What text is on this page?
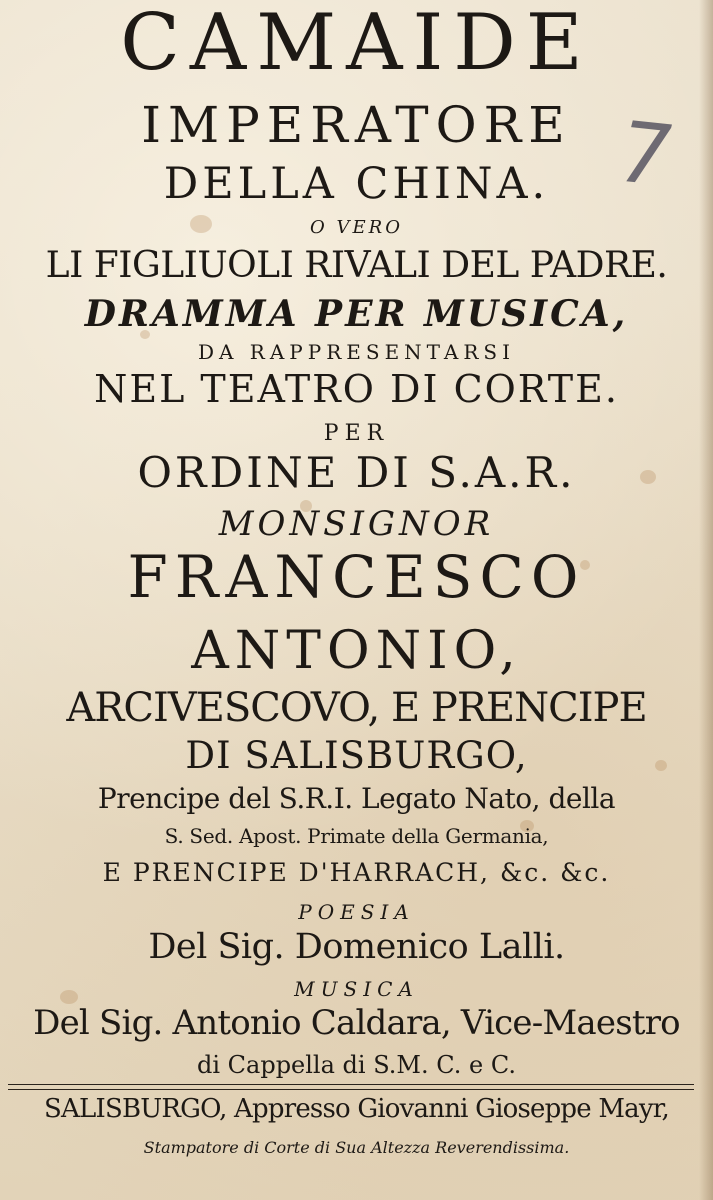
CAMAIDE
IMPERATORE
DELLA CHINA.
O VERO
LI FIGLIUOLI RIVALI DEL PADRE.
DRAMMA PER MUSICA,
DA RAPPRESENTARSI
NEL TEATRO DI CORTE.
PER
ORDINE DI S.A.R.
MONSIGNOR
FRANCESCO
ANTONIO,
ARCIVESCOVO, E PRENCIPE
DI SALISBURGO,
Prencipe del S.R.I. Legato Nato, della
S. Sed. Apost. Primate della Germania,
E PRENCIPE D'HARRACH, &c. &c.
POESIA
Del Sig. Domenico Lalli.
MUSICA
Del Sig. Antonio Caldara, Vice-Maestro
di Cappella di S.M. C. e C.
SALISBURGO, Appresso Giovanni Gioseppe Mayr,
Stampatore di Corte di Sua Altezza Reverendissima.
7
